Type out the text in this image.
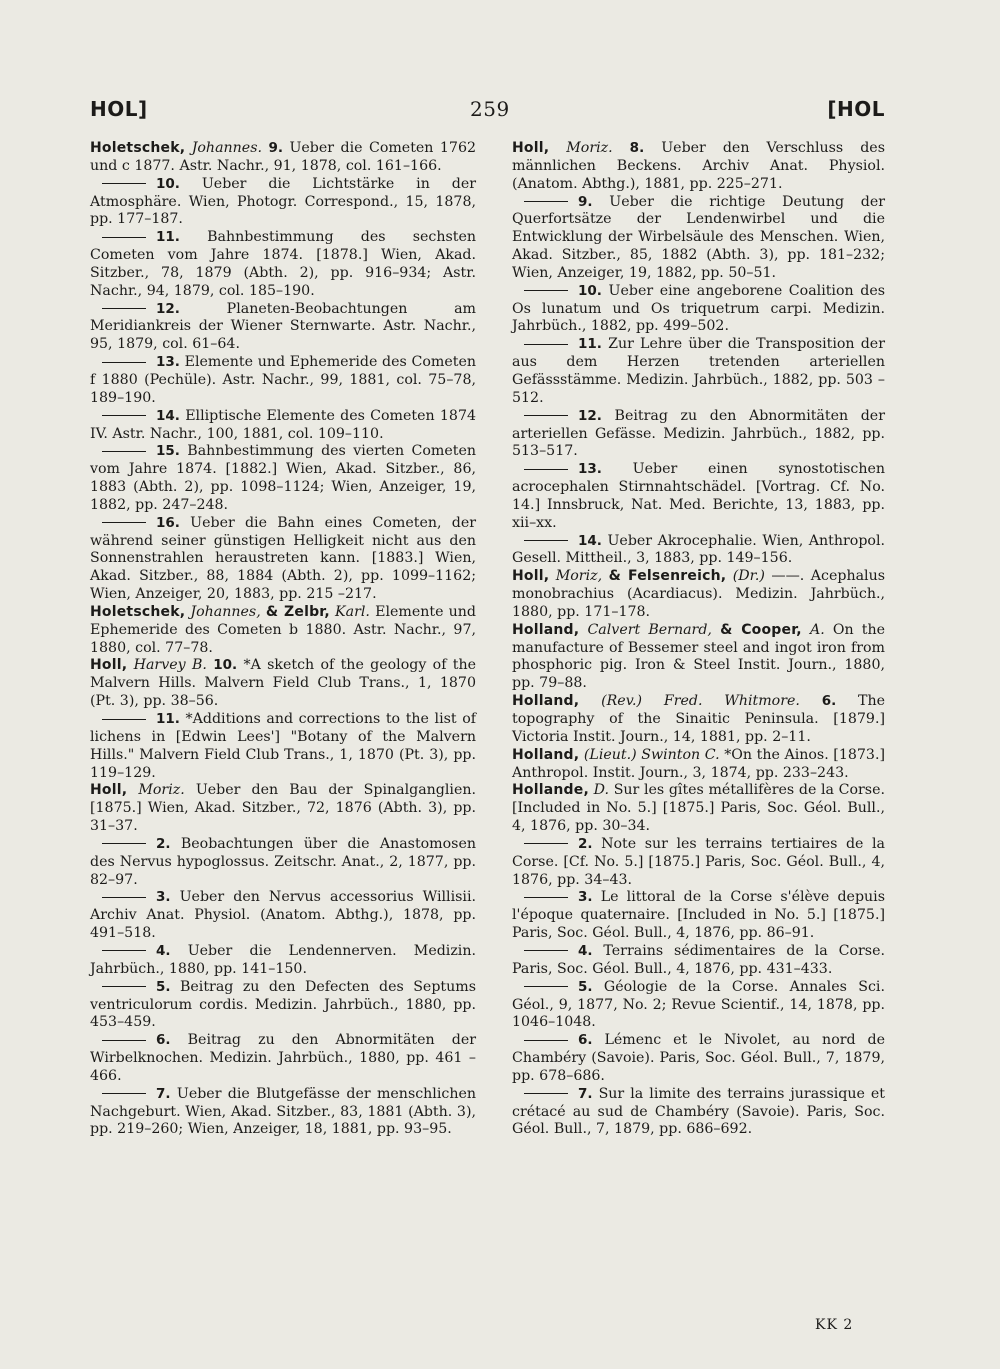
HOL]	259	[HOL

Holetschek, Johannes. 9. Ueber die Cometen 1762 und c 1877. Astr. Nachr., 91, 1878, col. 161–166.

10. Ueber die Lichtstärke in der Atmosphäre. Wien, Photogr. Correspond., 15, 1878, pp. 177–187.

11. Bahnbestimmung des sechsten Cometen vom Jahre 1874. [1878.] Wien, Akad. Sitzber., 78, 1879 (Abth. 2), pp. 916–934; Astr. Nachr., 94, 1879, col. 185–190.

12.	Planeten-Beobachtungen am Meridiankreis der Wiener Sternwarte. Astr. Nachr., 95, 1879, col. 61–64.

13. Elemente und Ephemeride des Cometen f 1880 (Pechüle). Astr. Nachr., 99, 1881, col. 75–78, 189–190.

14. Elliptische Elemente des Cometen 1874 IV. Astr. Nachr., 100, 1881, col. 109–110.

15. Bahnbestimmung des vierten Cometen vom Jahre 1874. [1882.] Wien, Akad. Sitzber., 86, 1883 (Abth. 2), pp. 1098–1124; Wien, Anzeiger, 19, 1882, pp. 247–248.

16. Ueber die Bahn eines Cometen, der während seiner günstigen Helligkeit nicht aus den Sonnenstrahlen heraustreten kann. [1883.] Wien, Akad. Sitzber., 88, 1884 (Abth. 2), pp. 1099–1162; Wien, Anzeiger, 20, 1883, pp. 215 –217.

Holetschek, Johannes, & Zelbr, Karl. Elemente und Ephemeride des Cometen b 1880. Astr. Nachr., 97, 1880, col. 77–78.

Holl, Harvey B. 10. *A sketch of the geology of the Malvern Hills. Malvern Field Club Trans., 1, 1870 (Pt. 3), pp. 38–56.

11. *Additions and corrections to the list of lichens in [Edwin Lees'] "Botany of the Malvern Hills." Malvern Field Club Trans., 1, 1870 (Pt. 3), pp. 119–129.

Holl, Moriz. Ueber den Bau der Spinalganglien. [1875.] Wien, Akad. Sitzber., 72, 1876 (Abth. 3), pp. 31–37.

2. Beobachtungen über die Anastomosen des Nervus hypoglossus. Zeitschr. Anat., 2, 1877, pp. 82–97.

3. Ueber den Nervus accessorius Willisii. Archiv Anat. Physiol. (Anatom. Abthg.), 1878, pp. 491–518.

4. Ueber die Lendennerven. Medizin. Jahrbüch., 1880, pp. 141–150.

5. Beitrag zu den Defecten des Septums ventriculorum cordis. Medizin. Jahrbüch., 1880, pp. 453–459.

6. Beitrag zu den Abnormitäten der Wirbelknochen. Medizin. Jahrbüch., 1880, pp. 461 –466.

7. Ueber die Blutgefässe der menschlichen Nachgeburt. Wien, Akad. Sitzber., 83, 1881 (Abth. 3), pp. 219–260; Wien, Anzeiger, 18, 1881, pp. 93–95.

Holl, Moriz. 8. Ueber den Verschluss des männlichen Beckens. Archiv Anat. Physiol. (Anatom. Abthg.), 1881, pp. 225–271.

9. Ueber die richtige Deutung der Querfortsätze der Lendenwirbel und die Entwicklung der Wirbelsäule des Menschen. Wien, Akad. Sitzber., 85, 1882 (Abth. 3), pp. 181–232; Wien, Anzeiger, 19, 1882, pp. 50–51.

10. Ueber eine angeborene Coalition des Os lunatum und Os triquetrum carpi. Medizin. Jahrbüch., 1882, pp. 499–502.

11. Zur Lehre über die Transposition der aus dem Herzen tretenden arteriellen Gefässstämme. Medizin. Jahrbüch., 1882, pp. 503 –512.

12. Beitrag zu den Abnormitäten der arteriellen Gefässe. Medizin. Jahrbüch., 1882, pp. 513–517.

13. Ueber einen synostotischen acrocephalen Stirnnahtschädel. [Vortrag. Cf. No. 14.] Innsbruck, Nat. Med. Berichte, 13, 1883, pp. xii–xx.

14. Ueber Akrocephalie. Wien, Anthropol. Gesell. Mittheil., 3, 1883, pp. 149–156.

Holl, Moriz, & Felsenreich, (Dr.) ——. Acephalus monobrachius (Acardiacus). Medizin. Jahrbüch., 1880, pp. 171–178.

Holland, Calvert Bernard, & Cooper, A. On the manufacture of Bessemer steel and ingot iron from phosphoric pig. Iron & Steel Instit. Journ., 1880, pp. 79–88.

Holland, (Rev.) Fred. Whitmore. 6. The topography of the Sinaitic Peninsula. [1879.] Victoria Instit. Journ., 14, 1881, pp. 2–11.

Holland, (Lieut.) Swinton C. *On the Ainos. [1873.] Anthropol. Instit. Journ., 3, 1874, pp. 233–243.

Hollande, D. Sur les gîtes métallifères de la Corse. [Included in No. 5.] [1875.] Paris, Soc. Géol. Bull., 4, 1876, pp. 30–34.

2. Note sur les terrains tertiaires de la Corse. [Cf. No. 5.] [1875.] Paris, Soc. Géol. Bull., 4, 1876, pp. 34–43.

3. Le littoral de la Corse s'élève depuis l'époque quaternaire. [Included in No. 5.] [1875.] Paris, Soc. Géol. Bull., 4, 1876, pp. 86–91.

4. Terrains sédimentaires de la Corse. Paris, Soc. Géol. Bull., 4, 1876, pp. 431–433.

5. Géologie de la Corse. Annales Sci. Géol., 9, 1877, No. 2; Revue Scientif., 14, 1878, pp. 1046–1048.

6. Lémenc et le Nivolet, au nord de Chambéry (Savoie). Paris, Soc. Géol. Bull., 7, 1879, pp. 678–686.

7. Sur la limite des terrains jurassique et crétacé au sud de Chambéry (Savoie). Paris, Soc. Géol. Bull., 7, 1879, pp. 686–692.

KK 2
